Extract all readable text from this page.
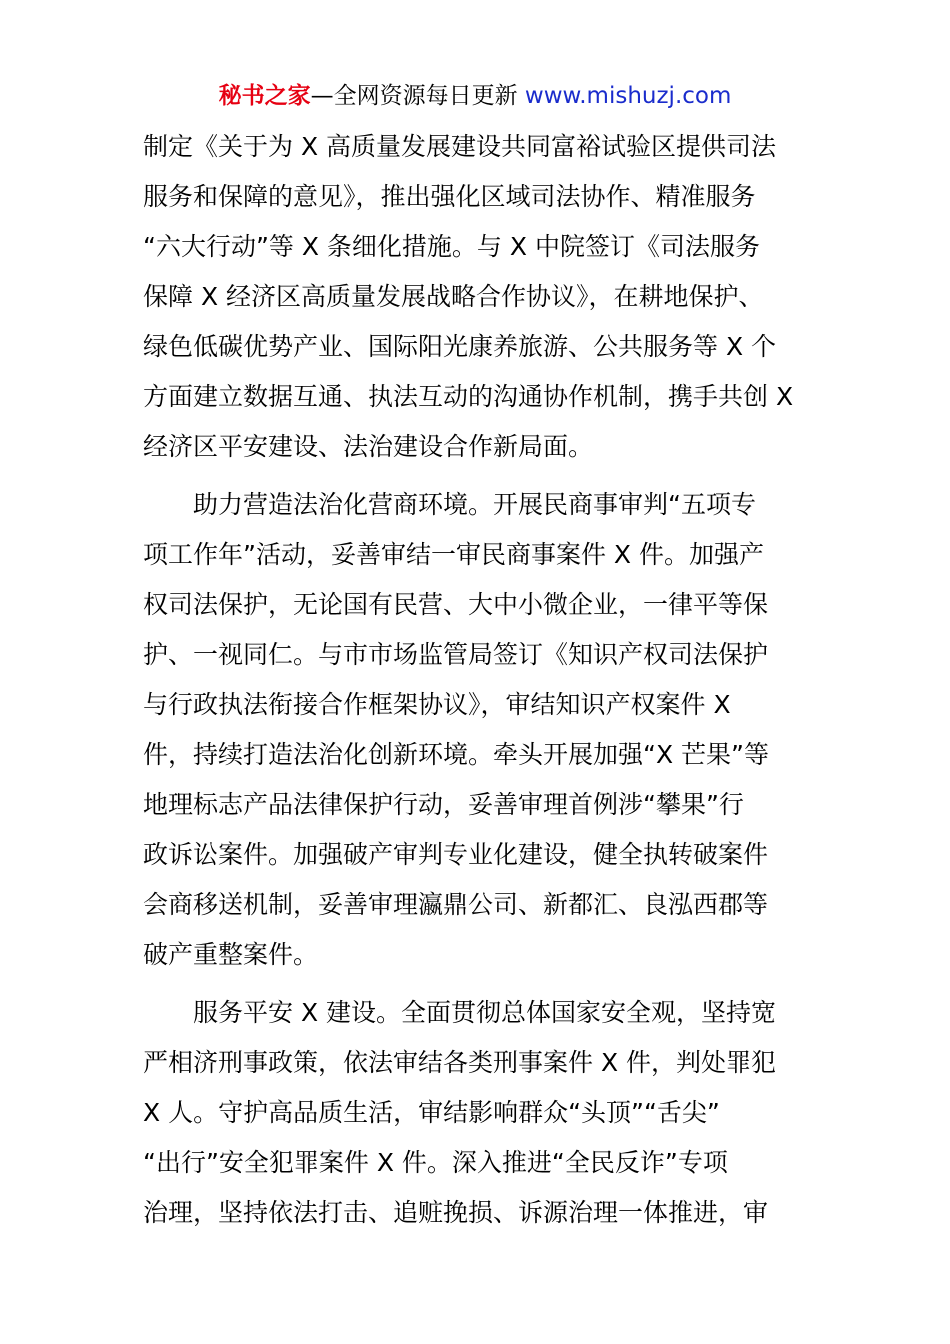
秘书之家—全网资源每日更新 www.mishuzj.com
制定《关于为 X 高质量发展建设共同富裕试验区提供司法
服务和保障的意见》，推出强化区域司法协作、精准服务
“六大行动”等 X 条细化措施。与 X 中院签订《司法服务
保障 X 经济区高质量发展战略合作协议》，在耕地保护、
绿色低碳优势产业、国际阳光康养旅游、公共服务等 X 个
方面建立数据互通、执法互动的沟通协作机制，携手共创 X
经济区平安建设、法治建设合作新局面。
　　助力营造法治化营商环境。开展民商事审判“五项专
项工作年”活动，妥善审结一审民商事案件 X 件。加强产
权司法保护，无论国有民营、大中小微企业，一律平等保
护、一视同仁。与市市场监管局签订《知识产权司法保护
与行政执法衔接合作框架协议》，审结知识产权案件 X
件，持续打造法治化创新环境。牵头开展加强“X 芒果”等
地理标志产品法律保护行动，妥善审理首例涉“攀果”行
政诉讼案件。加强破产审判专业化建设，健全执转破案件
会商移送机制，妥善审理瀛鼎公司、新都汇、良泓西郡等
破产重整案件。
　　服务平安 X 建设。全面贯彻总体国家安全观，坚持宽
严相济刑事政策，依法审结各类刑事案件 X 件，判处罪犯
X 人。守护高品质生活，审结影响群众“头顶”“舌尖”
“出行”安全犯罪案件 X 件。深入推进“全民反诈”专项
治理，坚持依法打击、追赃挽损、诉源治理一体推进，审
